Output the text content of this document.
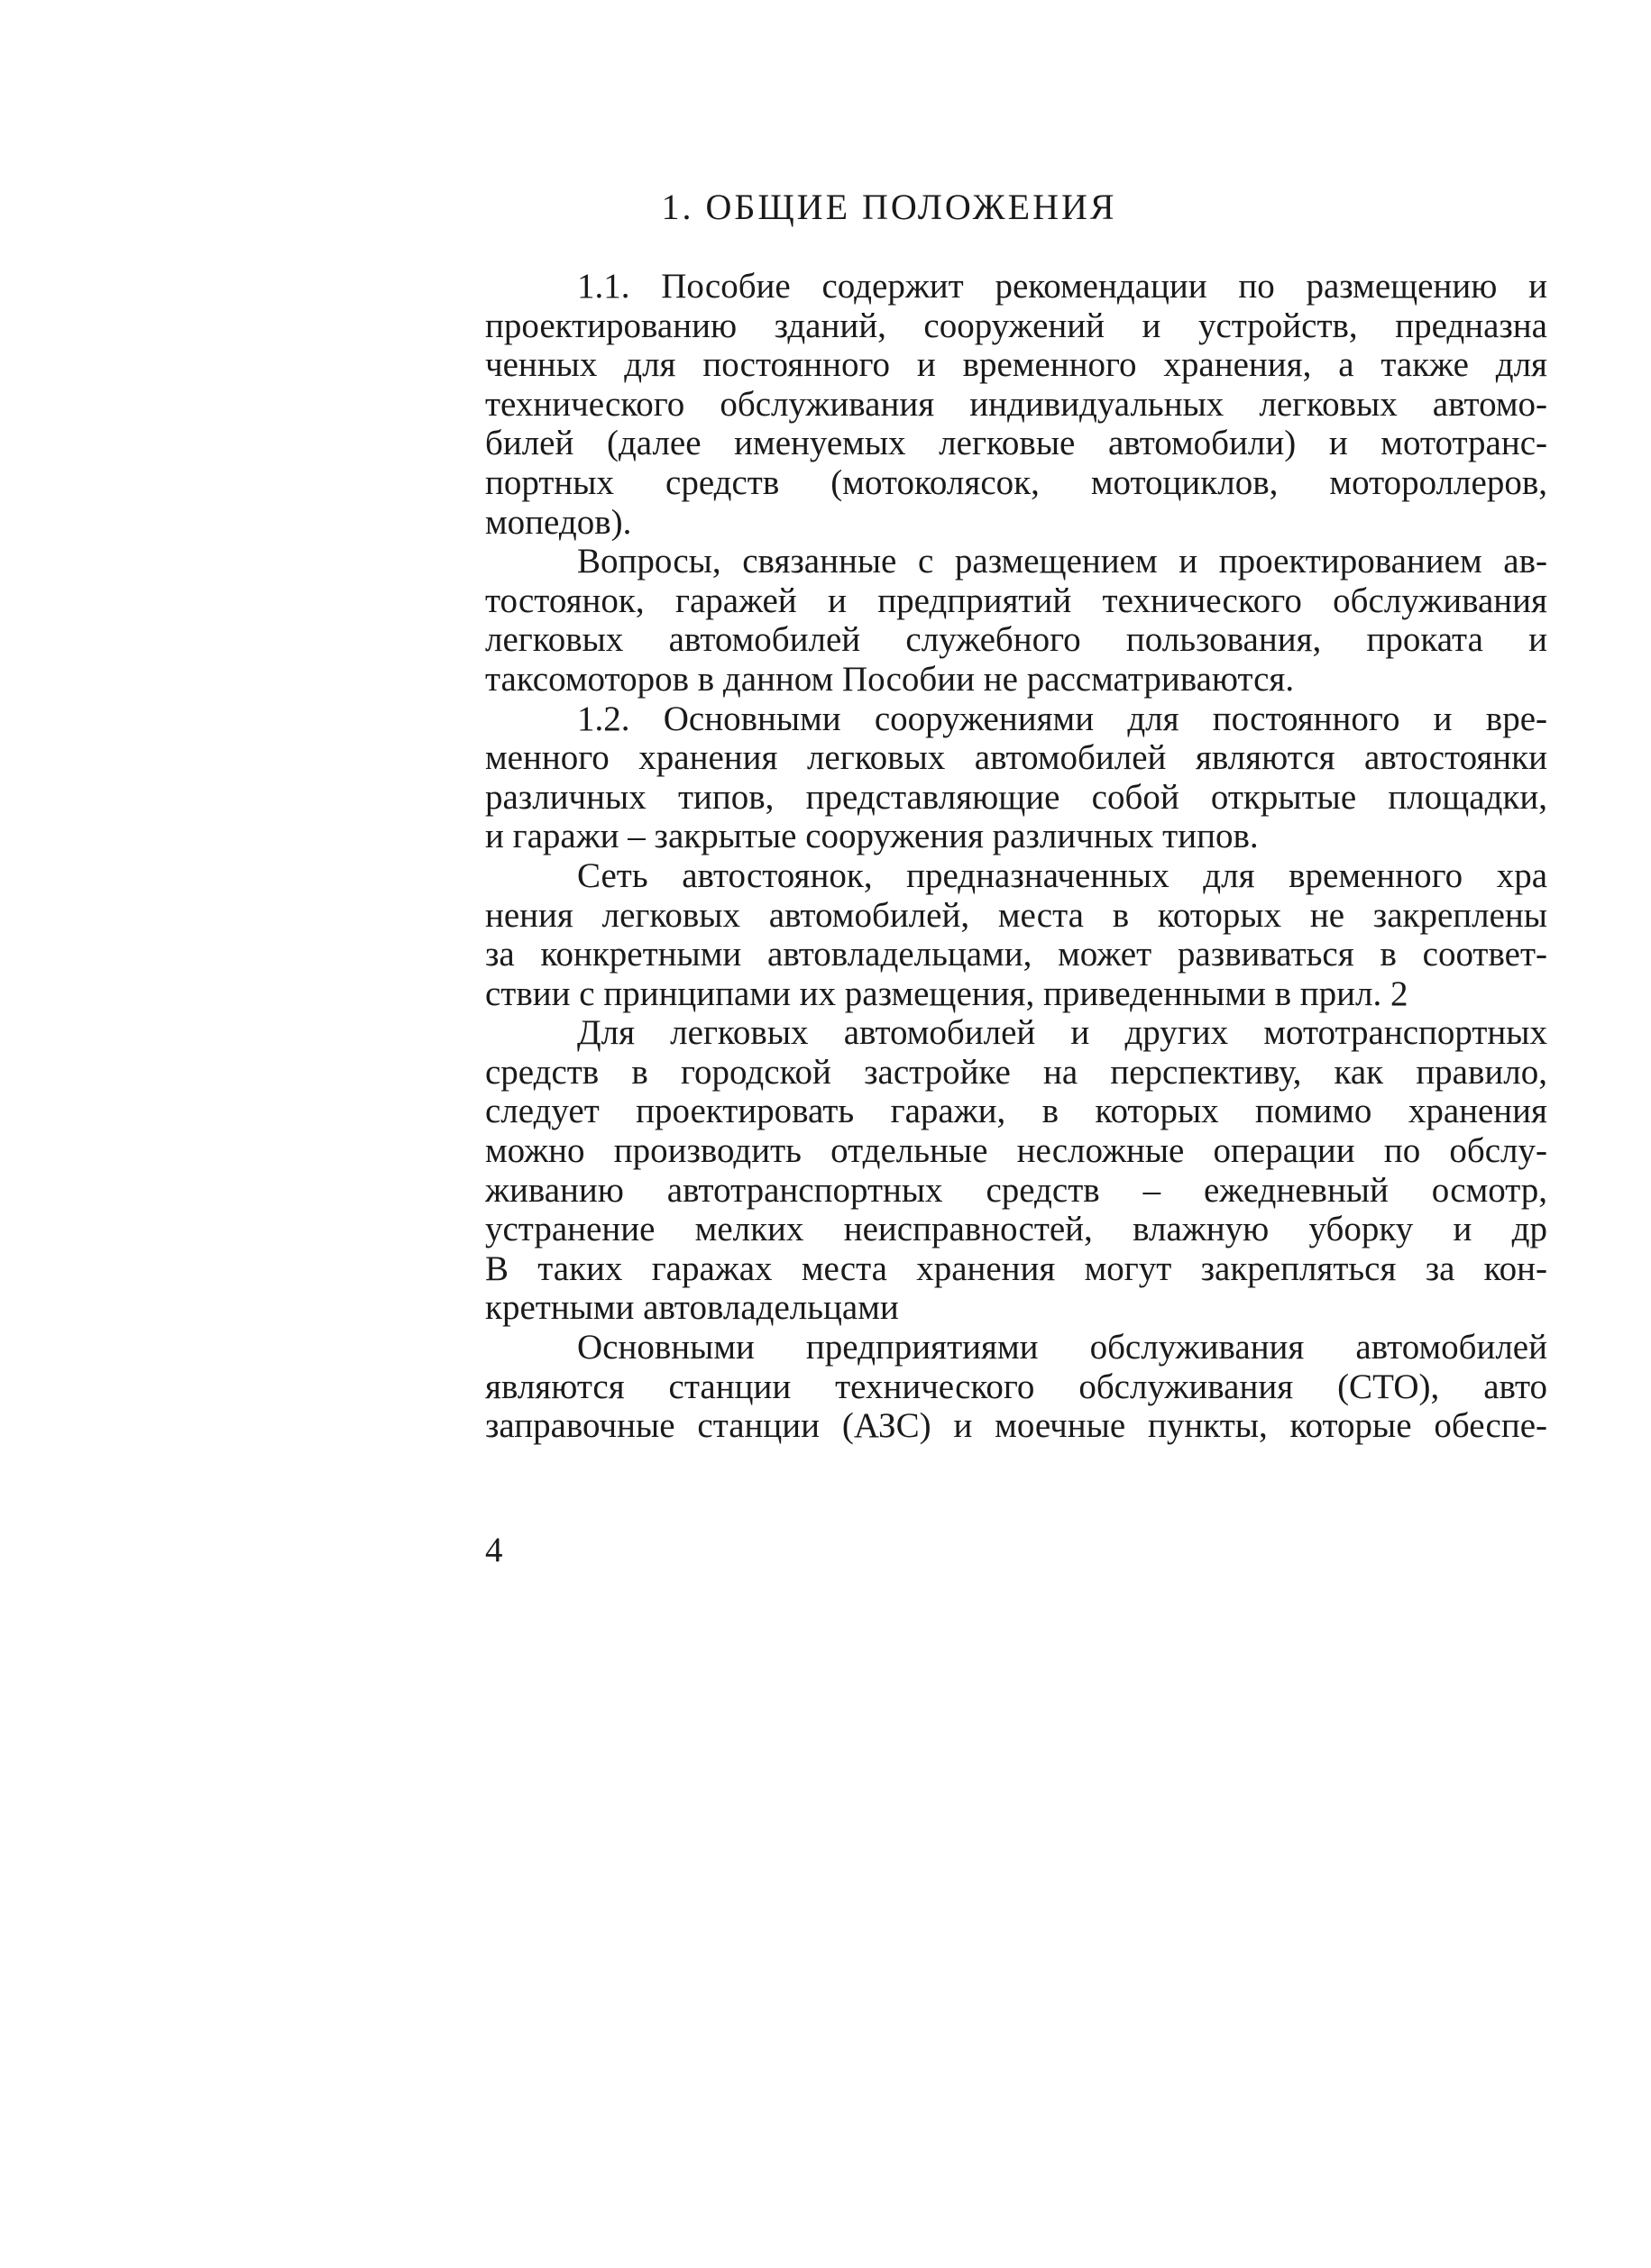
1. ОБЩИЕ ПОЛОЖЕНИЯ
1.1. Пособие содержит рекомендации по размещению и
проектированию зданий, сооружений и устройств, предназна
ченных для постоянного и временного хранения, а также для
технического обслуживания индивидуальных легковых автомо-
билей (далее именуемых легковые автомобили) и мототранс-
портных средств (мотоколясок, мотоциклов, мотороллеров,
мопедов).
Вопросы, связанные с размещением и проектированием ав-
тостоянок, гаражей и предприятий технического обслуживания
легковых автомобилей служебного пользования, проката и
таксомоторов в данном Пособии не рассматриваются.
1.2. Основными сооружениями для постоянного и вре-
менного хранения легковых автомобилей являются автостоянки
различных типов, представляющие собой открытые площадки,
и гаражи – закрытые сооружения различных типов.
Сеть автостоянок, предназначенных для временного хра
нения легковых автомобилей, места в которых не закреплены
за конкретными автовладельцами, может развиваться в соответ-
ствии с принципами их размещения, приведенными в прил. 2
Для легковых автомобилей и других мототранспортных
средств в городской застройке на перспективу, как правило,
следует проектировать гаражи, в которых помимо хранения
можно производить отдельные несложные операции по обслу-
живанию автотранспортных средств – ежедневный осмотр,
устранение мелких неисправностей, влажную уборку и др
В таких гаражах места хранения могут закрепляться за кон-
кретными автовладельцами
Основными предприятиями обслуживания автомобилей
являются станции технического обслуживания (СТО), авто
заправочные станции (АЗС) и моечные пункты, которые обеспе-
4
